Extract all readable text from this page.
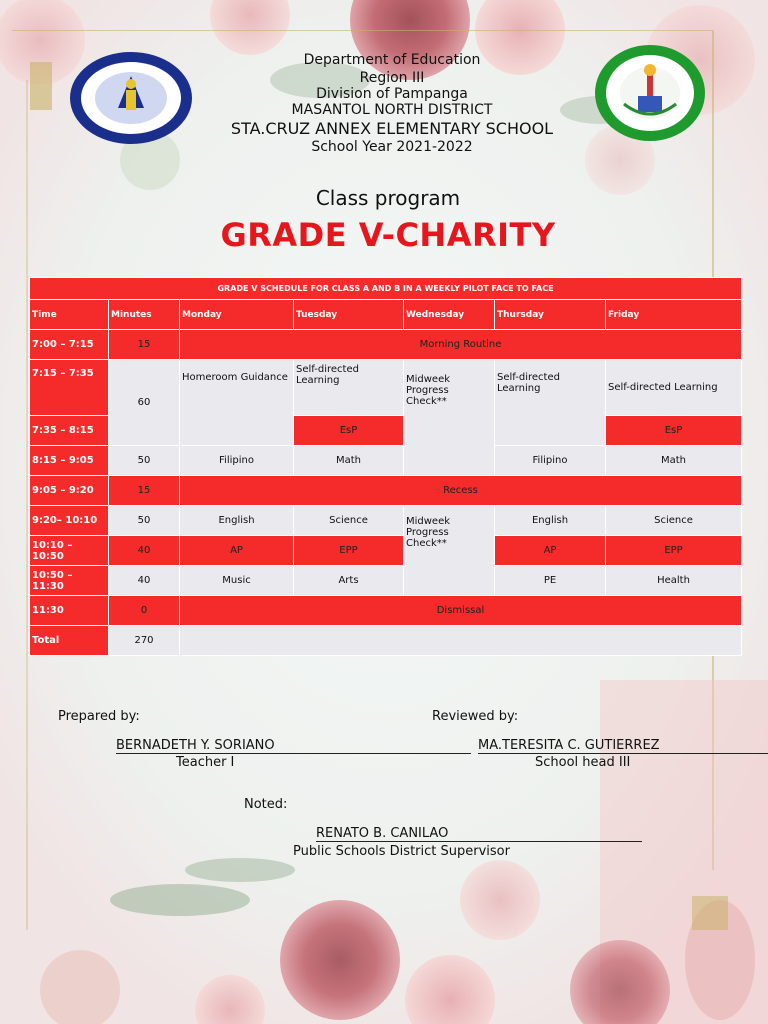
Department of Education
Region III
Division of Pampanga
MASANTOL NORTH DISTRICT
STA.CRUZ ANNEX ELEMENTARY SCHOOL
School Year 2021-2022
Class program
GRADE V-CHARITY
GRADE V SCHEDULE FOR CLASS A AND B IN A WEEKLY PILOT FACE TO FACE						
Time	Minutes	Monday	Tuesday	Wednesday	Thursday	Friday
7:00 – 7:15	15	Morning Routine				
7:15 – 7:35	60	Homeroom Guidance	Self-directed Learning	Midweek Progress Check**	Self-directed Learning	Self-directed Learning
7:35 – 8:15			EsP			EsP
8:15 – 9:05	50	Filipino	Math		Filipino	Math
9:05 – 9:20	15	Recess				
9:20– 10:10	50	English	Science	Midweek Progress Check**	English	Science
10:10 – 10:50	40	AP	EPP		AP	EPP
10:50 – 11:30	40	Music	Arts		PE	Health
11:30	0	Dismissal				
Total	270					
Prepared by:	Reviewed by:
BERNADETH Y. SORIANO
Teacher I
MA.TERESITA C. GUTIERREZ
School head III
Noted:
RENATO B. CANILAO
Public Schools District Supervisor
